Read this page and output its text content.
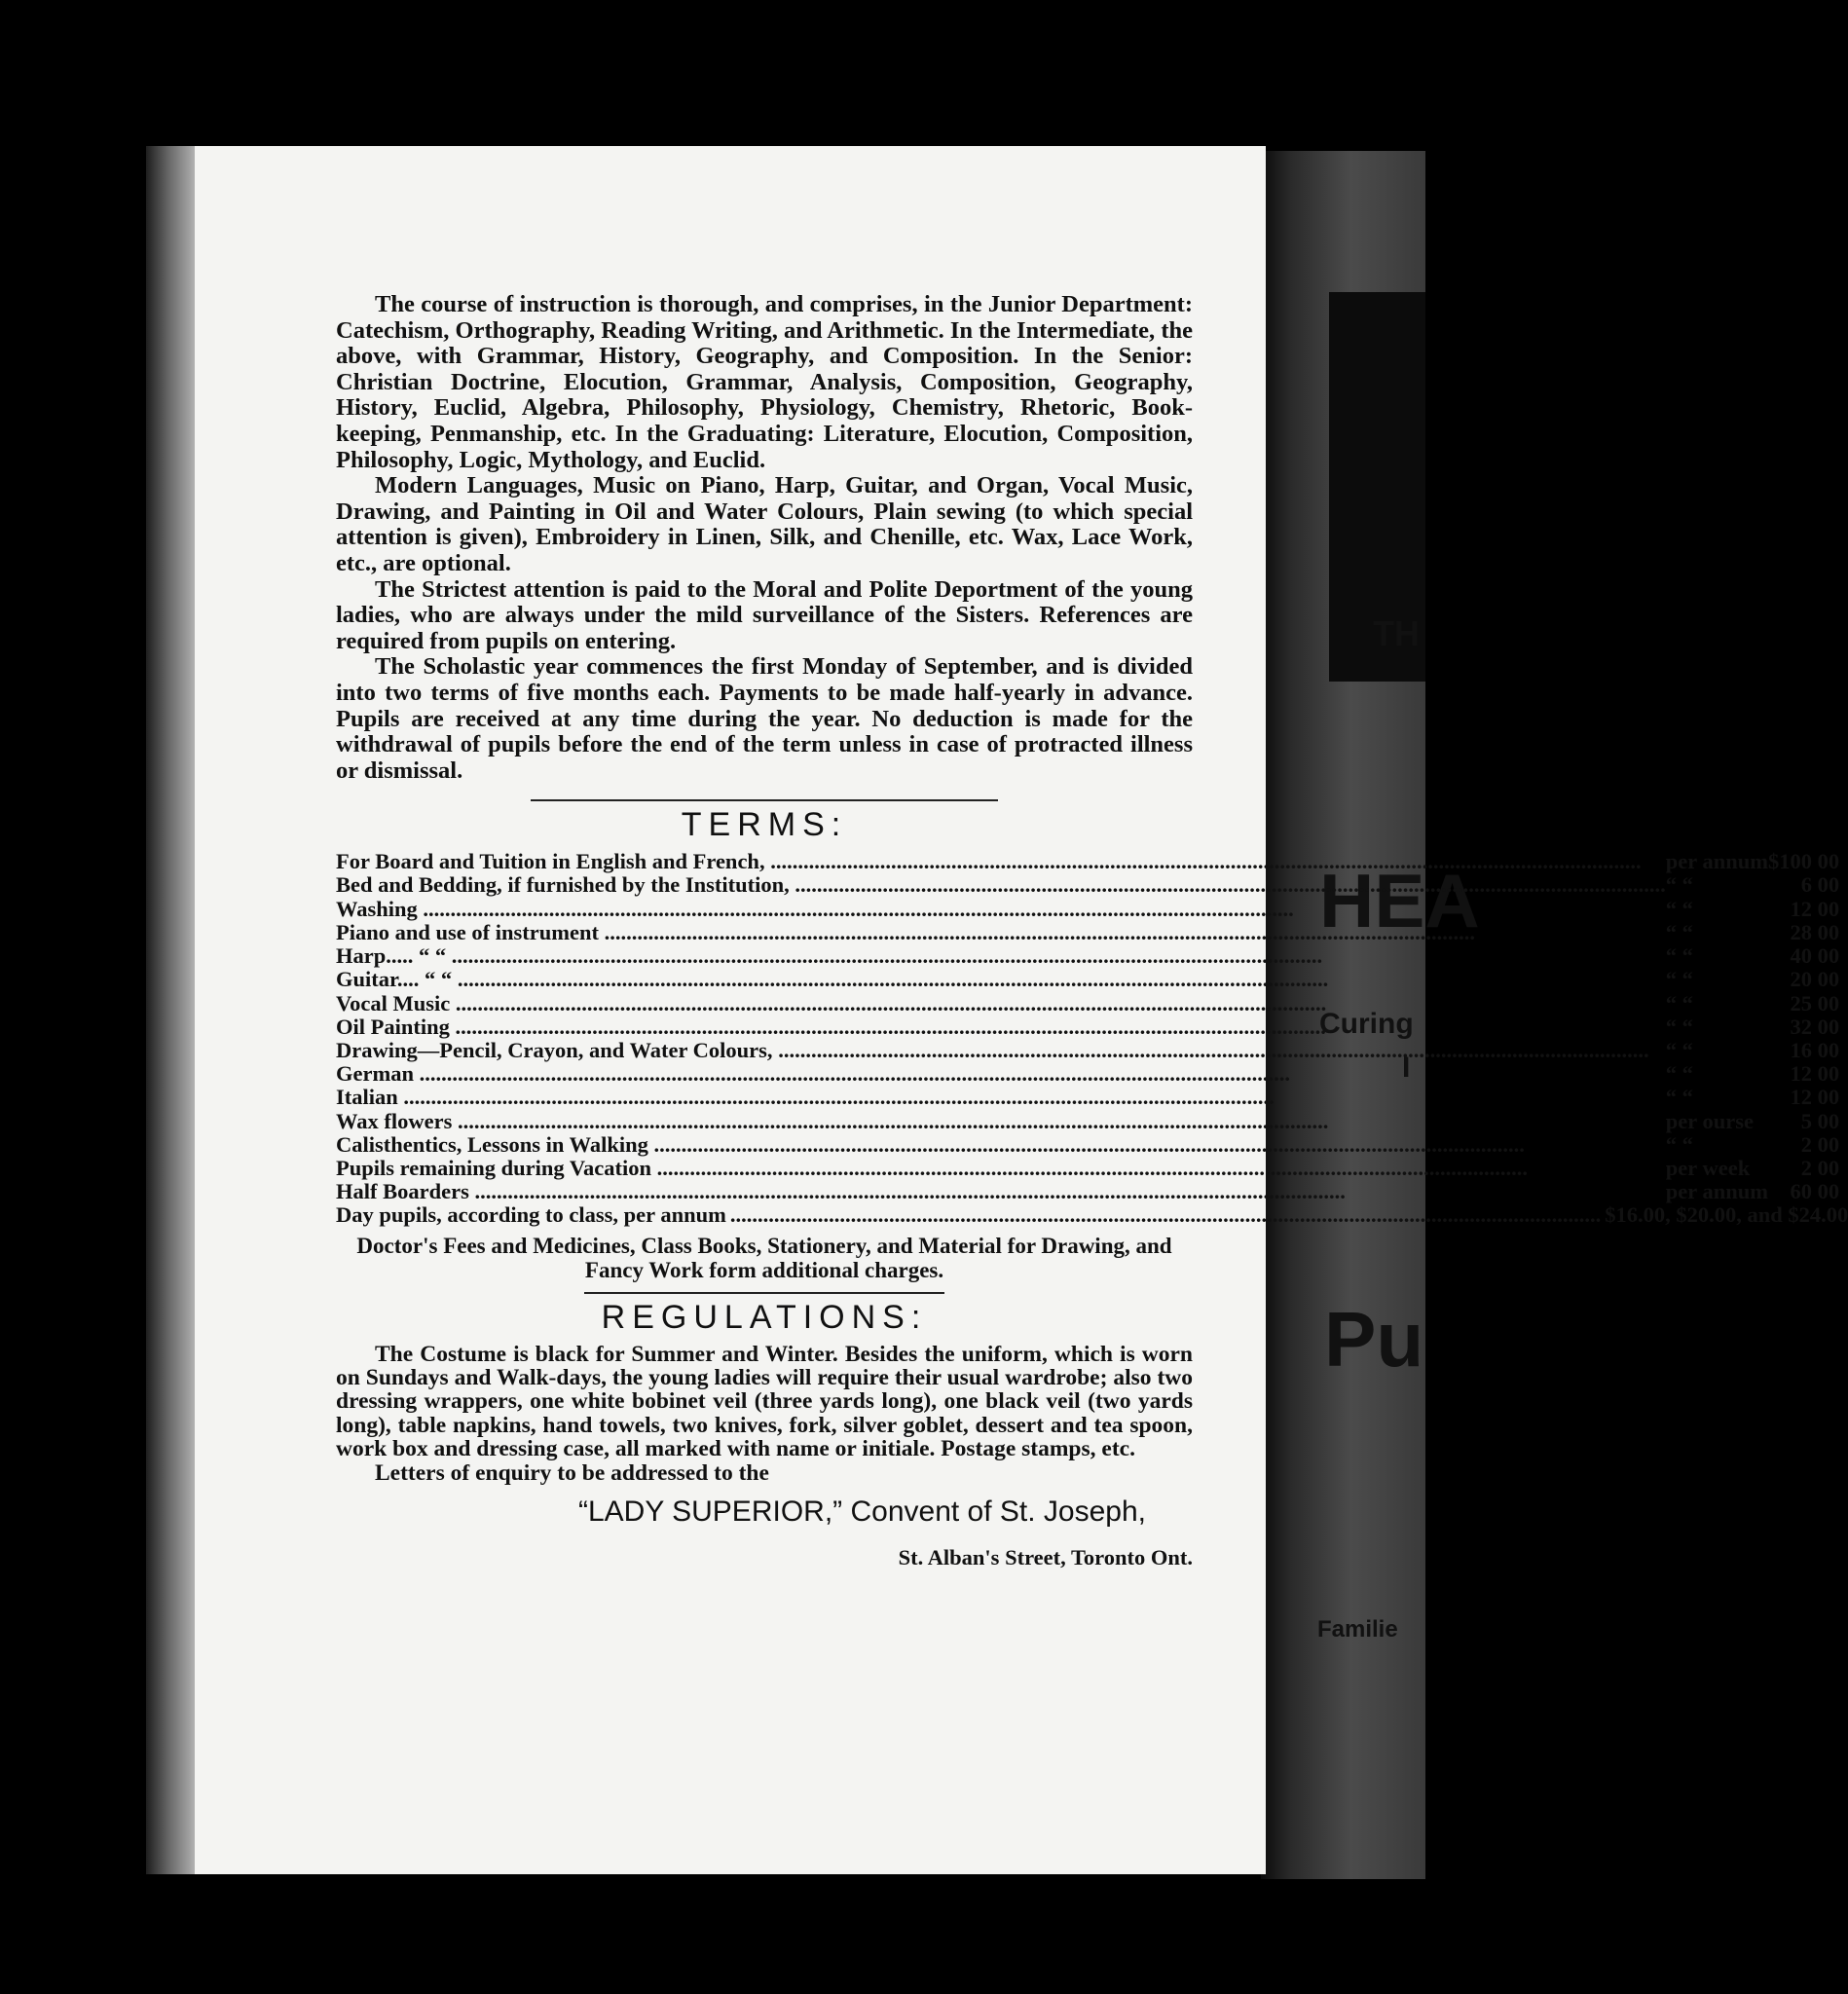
TH
HEA
Curing
I
Pu
Familie

The course of instruction is thorough, and comprises, in the Junior Department: Catechism, Orthography, Reading Writing, and Arithmetic. In the Intermediate, the above, with Grammar, History, Geography, and Composition. In the Senior: Christian Doctrine, Elocution, Grammar, Analysis, Composition, Geography, History, Euclid, Algebra, Philosophy, Physiology, Chemistry, Rhetoric, Book-keeping, Penmanship, etc. In the Graduating: Literature, Elocution, Composition, Philosophy, Logic, Mythology, and Euclid.

Modern Languages, Music on Piano, Harp, Guitar, and Organ, Vocal Music, Drawing, and Painting in Oil and Water Colours, Plain sewing (to which special attention is given), Embroidery in Linen, Silk, and Chenille, etc. Wax, Lace Work, etc., are optional.

The Strictest attention is paid to the Moral and Polite Deportment of the young ladies, who are always under the mild surveillance of the Sisters. References are required from pupils on entering.

The Scholastic year commences the first Monday of September, and is divided into two terms of five months each. Payments to be made half-yearly in advance. Pupils are received at any time during the year. No deduction is made for the withdrawal of pupils before the end of the term unless in case of protracted illness or dismissal.

TERMS:
For Board and Tuition in English and French, .....	per annum	$100 00
Bed and Bedding, if furnished by the Institution, .....	“ “	6 00
Washing .....	“ “	12 00
Piano and use of instrument .....	“ “	28 00
Harp..... “ “ .....	“ “	40 00
Guitar.... “ “ .....	“ “	20 00
Vocal Music .....	“ “	25 00
Oil Painting .....	“ “	32 00
Drawing—Pencil, Crayon, and Water Colours, .....	“ “	16 00
German .....	“ “	12 00
Italian .....	“ “	12 00
Wax flowers .....	per ourse	5 00
Calisthentics, Lessons in Walking .....	“ “	2 00
Pupils remaining during Vacation .....	per week	2 00
Half Boarders .....	per annum	60 00
Day pupils, according to class, per annum .....	$16.00, $20.00, and $24.00
Doctor's Fees and Medicines, Class Books, Stationery, and Material for Drawing, and Fancy Work form additional charges.
REGULATIONS:

The Costume is black for Summer and Winter. Besides the uniform, which is worn on Sundays and Walk-days, the young ladies will require their usual wardrobe; also two dressing wrappers, one white bobinet veil (three yards long), one black veil (two yards long), table napkins, hand towels, two knives, fork, silver goblet, dessert and tea spoon, work box and dressing case, all marked with name or initiale. Postage stamps, etc.

Letters of enquiry to be addressed to the

“LADY SUPERIOR,” Convent of St. Joseph,
St. Alban's Street, Toronto Ont.
